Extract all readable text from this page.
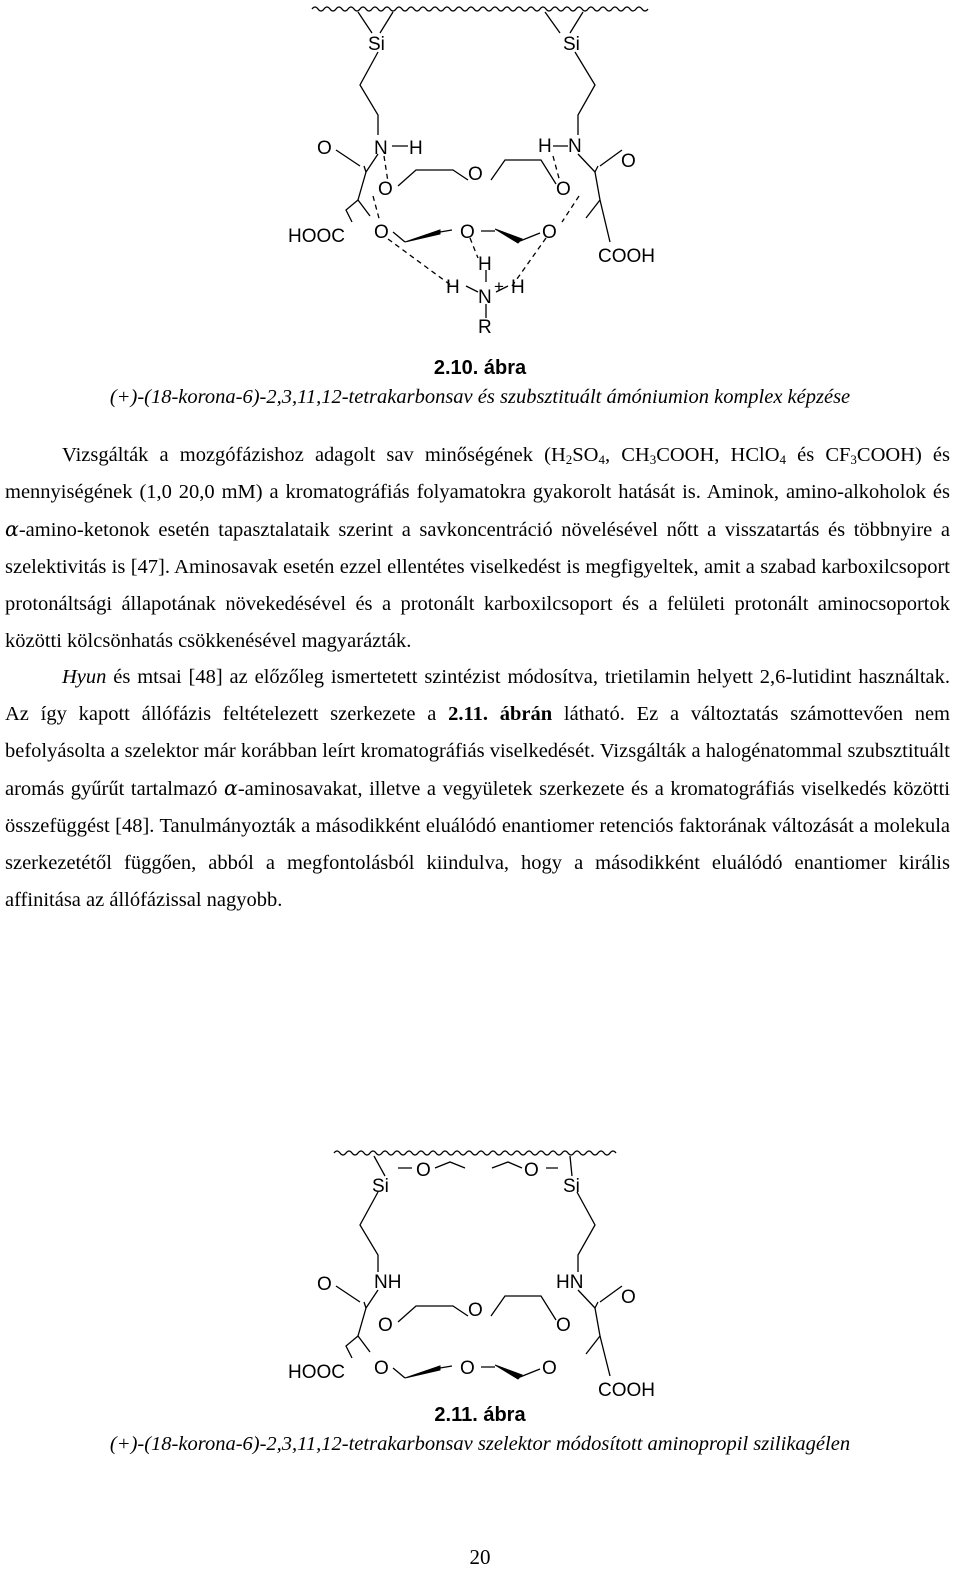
Si	Si
O N H	H N
O
O
O
O
HOOC O	O	O
COOH
H
H N
+ H
R
2.10. ábra
(+)-(18-korona-6)-2,3,11,12-tetrakarbonsav és szubsztituált ámóniumion komplex képzése

Vizsgálták a mozgófázishoz adagolt sav minőségének ($H_2SO_4$, $CH_3COOH$, HClO$_4$ és $CF_3COOH$) és mennyiségének (1,0 20,0 mM) a kromatográfiás folyamatokra gyakorolt hatását is. Aminok, amino-alkoholok és α-amino-ketonok esetén tapasztalataik szerint a savkoncentráció növelésével nőtt a visszatartás és többnyire a szelektivitás is [47]. Aminosavak esetén ezzel ellentétes viselkedést is megfigyeltek, amit a szabad karboxilcsoport protonáltsági állapotának növekedésével és a protonált karboxilcsoport és a felületi protonált aminocsoportok közötti kölcsönhatás csökkenésével magyarázták.

Hyun és mtsai [48] az előzőleg ismertetett szintézist módosítva, trietilamin helyett 2,6-lutidint használtak. Az így kapott állófázis feltételezett szerkezete a 2.11. ábrán látható. Ez a változtatás számottevően nem befolyásolta a szelektor már korábban leírt kromatográfiás viselkedését. Vizsgálták a halogénatommal szubsztituált aromás gyűrűt tartalmazó α-aminosavakat, illetve a vegyületek szerkezete és a kromatográfiás viselkedés közötti összefüggést [48]. Tanulmányozták a másodikként eluálódó enantiomer retenciós faktorának változását a molekula szerkezetétől függően, abból a megfontolásból kiindulva, hogy a másodikként eluálódó enantiomer királis affinitása az állófázissal nagyobb.

Si
O	O
Si
O NH	HN
O
O
O
O
HOOC O	O	O
COOH
2.11. ábra
(+)-(18-korona-6)-2,3,11,12-tetrakarbonsav szelektor módosított aminopropil szilikagélen
20
